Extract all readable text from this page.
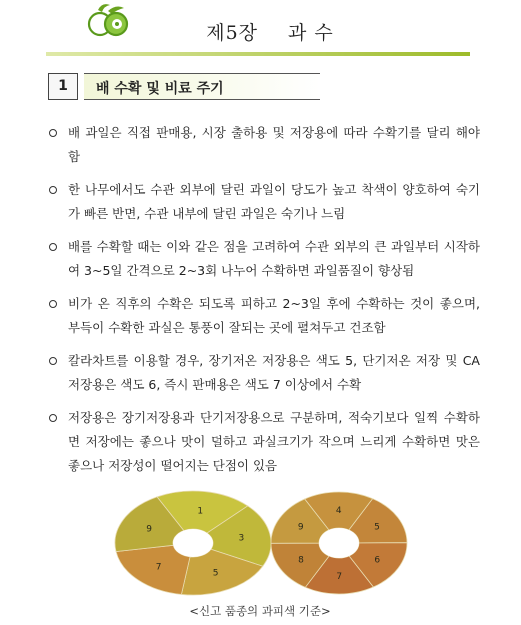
제5장 과 수
1	배 수확 및 비료 주기
배 과일은 직접 판매용, 시장 출하용 및 저장용에 따라 수확기를 달리 해야 함
한 나무에서도 수관 외부에 달린 과일이 당도가 높고 착색이 양호하여 숙기가 빠른 반면, 수관 내부에 달린 과일은 숙기나 느림
배를 수확할 때는 이와 같은 점을 고려하여 수관 외부의 큰 과일부터 시작하여 3~5일 간격으로 2~3회 나누어 수확하면 과일품질이 향상됨
비가 온 직후의 수확은 되도록 피하고 2~3일 후에 수확하는 것이 좋으며, 부득이 수확한 과실은 통풍이 잘되는 곳에 펼쳐두고 건조함
칼라차트를 이용할 경우, 장기저온 저장용은 색도 5, 단기저온 저장 및 CA 저장용은 색도 6, 즉시 판매용은 색도 7 이상에서 수확
저장용은 장기저장용과 단기저장용으로 구분하며, 적숙기보다 일찍 수확하면 저장에는 좋으나 맛이 덜하고 과실크기가 작으며 느리게 수확하면 맛은 좋으나 저장성이 떨어지는 단점이 있음
1
3
5
7
9
4
5
6
7
8
9
<신고 품종의 과피색 기준>
